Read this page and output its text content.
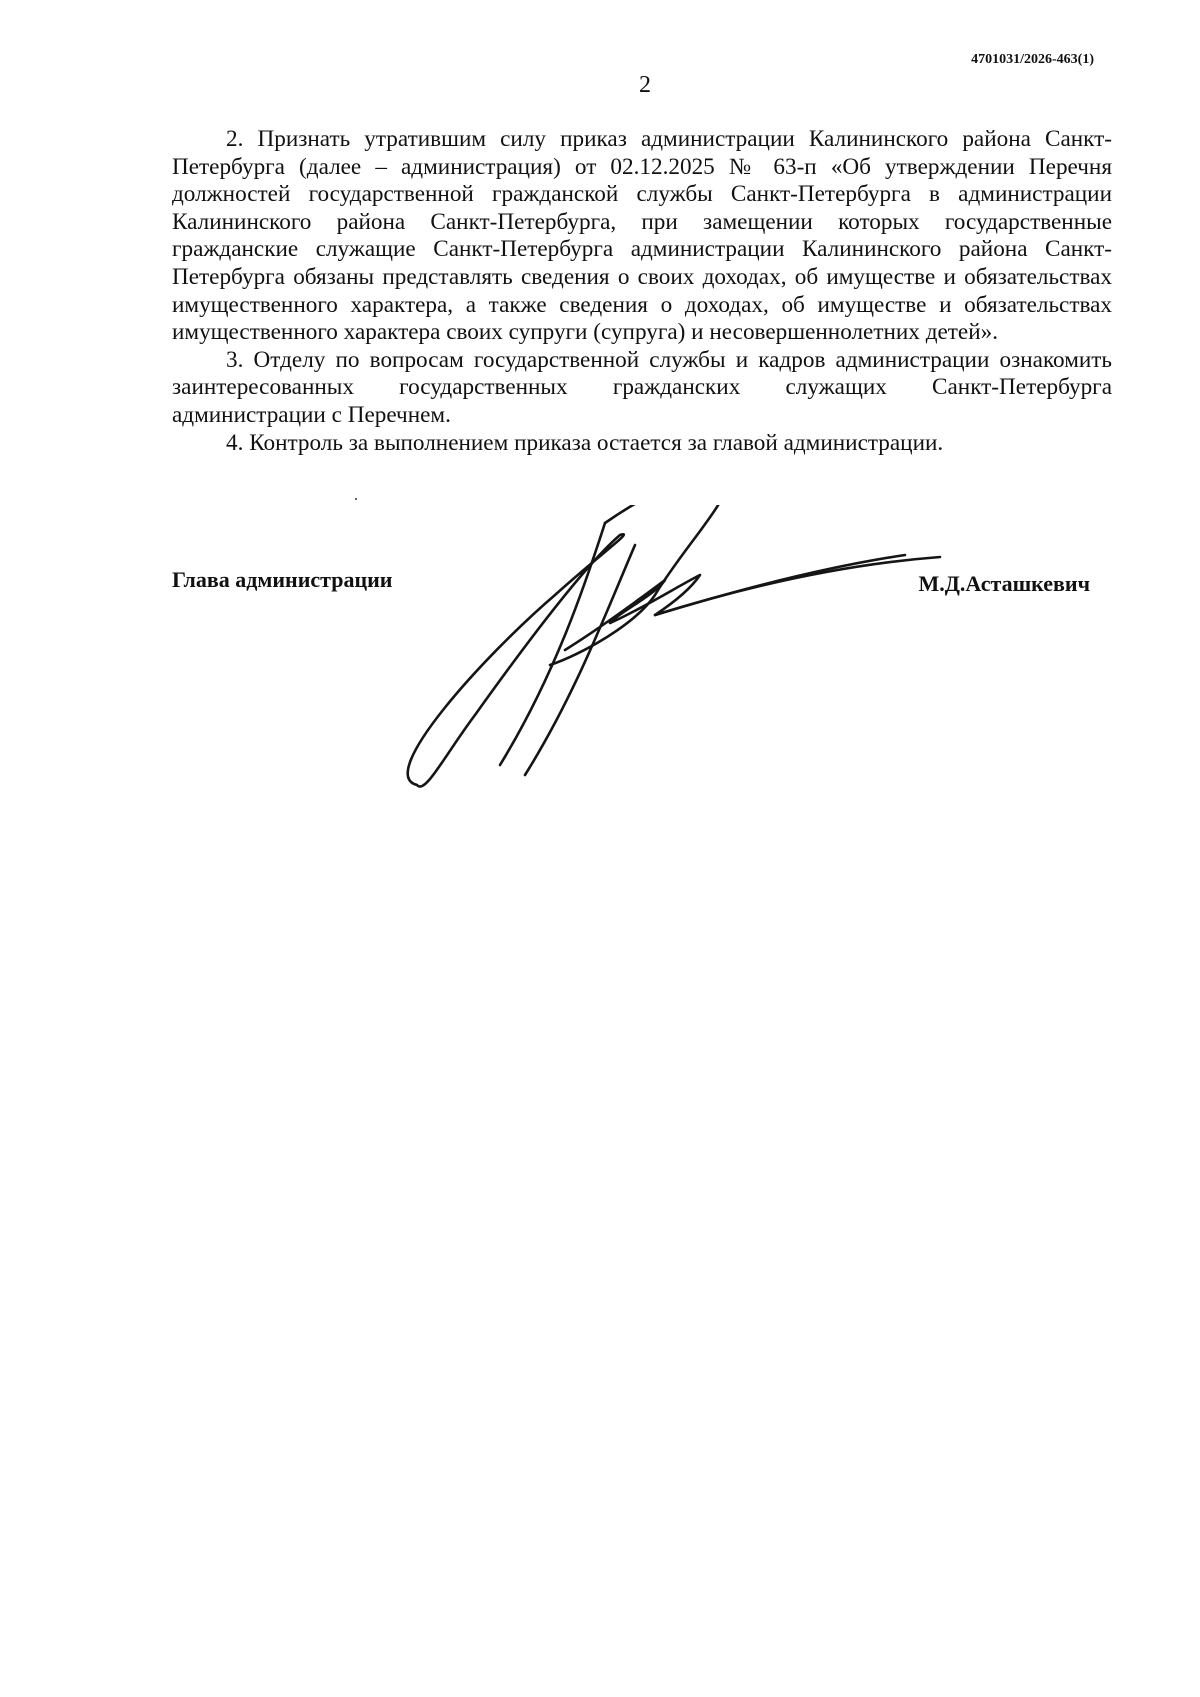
4701031/2026-463(1)
2

2. Признать утратившим силу приказ администрации Калининского района Санкт-Петербурга (далее – администрация) от 02.12.2025 № 63-п «Об утверждении Перечня должностей государственной гражданской службы Санкт-Петербурга в администрации Калининского района Санкт-Петербурга, при замещении которых государственные гражданские служащие Санкт-Петербурга администрации Калининского района Санкт-Петербурга обязаны представлять сведения о своих доходах, об имуществе и обязательствах имущественного характера, а также сведения о доходах, об имуществе и обязательствах имущественного характера своих супруги (супруга) и несовершеннолетних детей».

3. Отделу по вопросам государственной службы и кадров администрации ознакомить заинтересованных государственных гражданских служащих Санкт-Петербурга администрации с Перечнем.

4. Контроль за выполнением приказа остается за главой администрации.

Глава администрации	М.Д.Асташкевич
